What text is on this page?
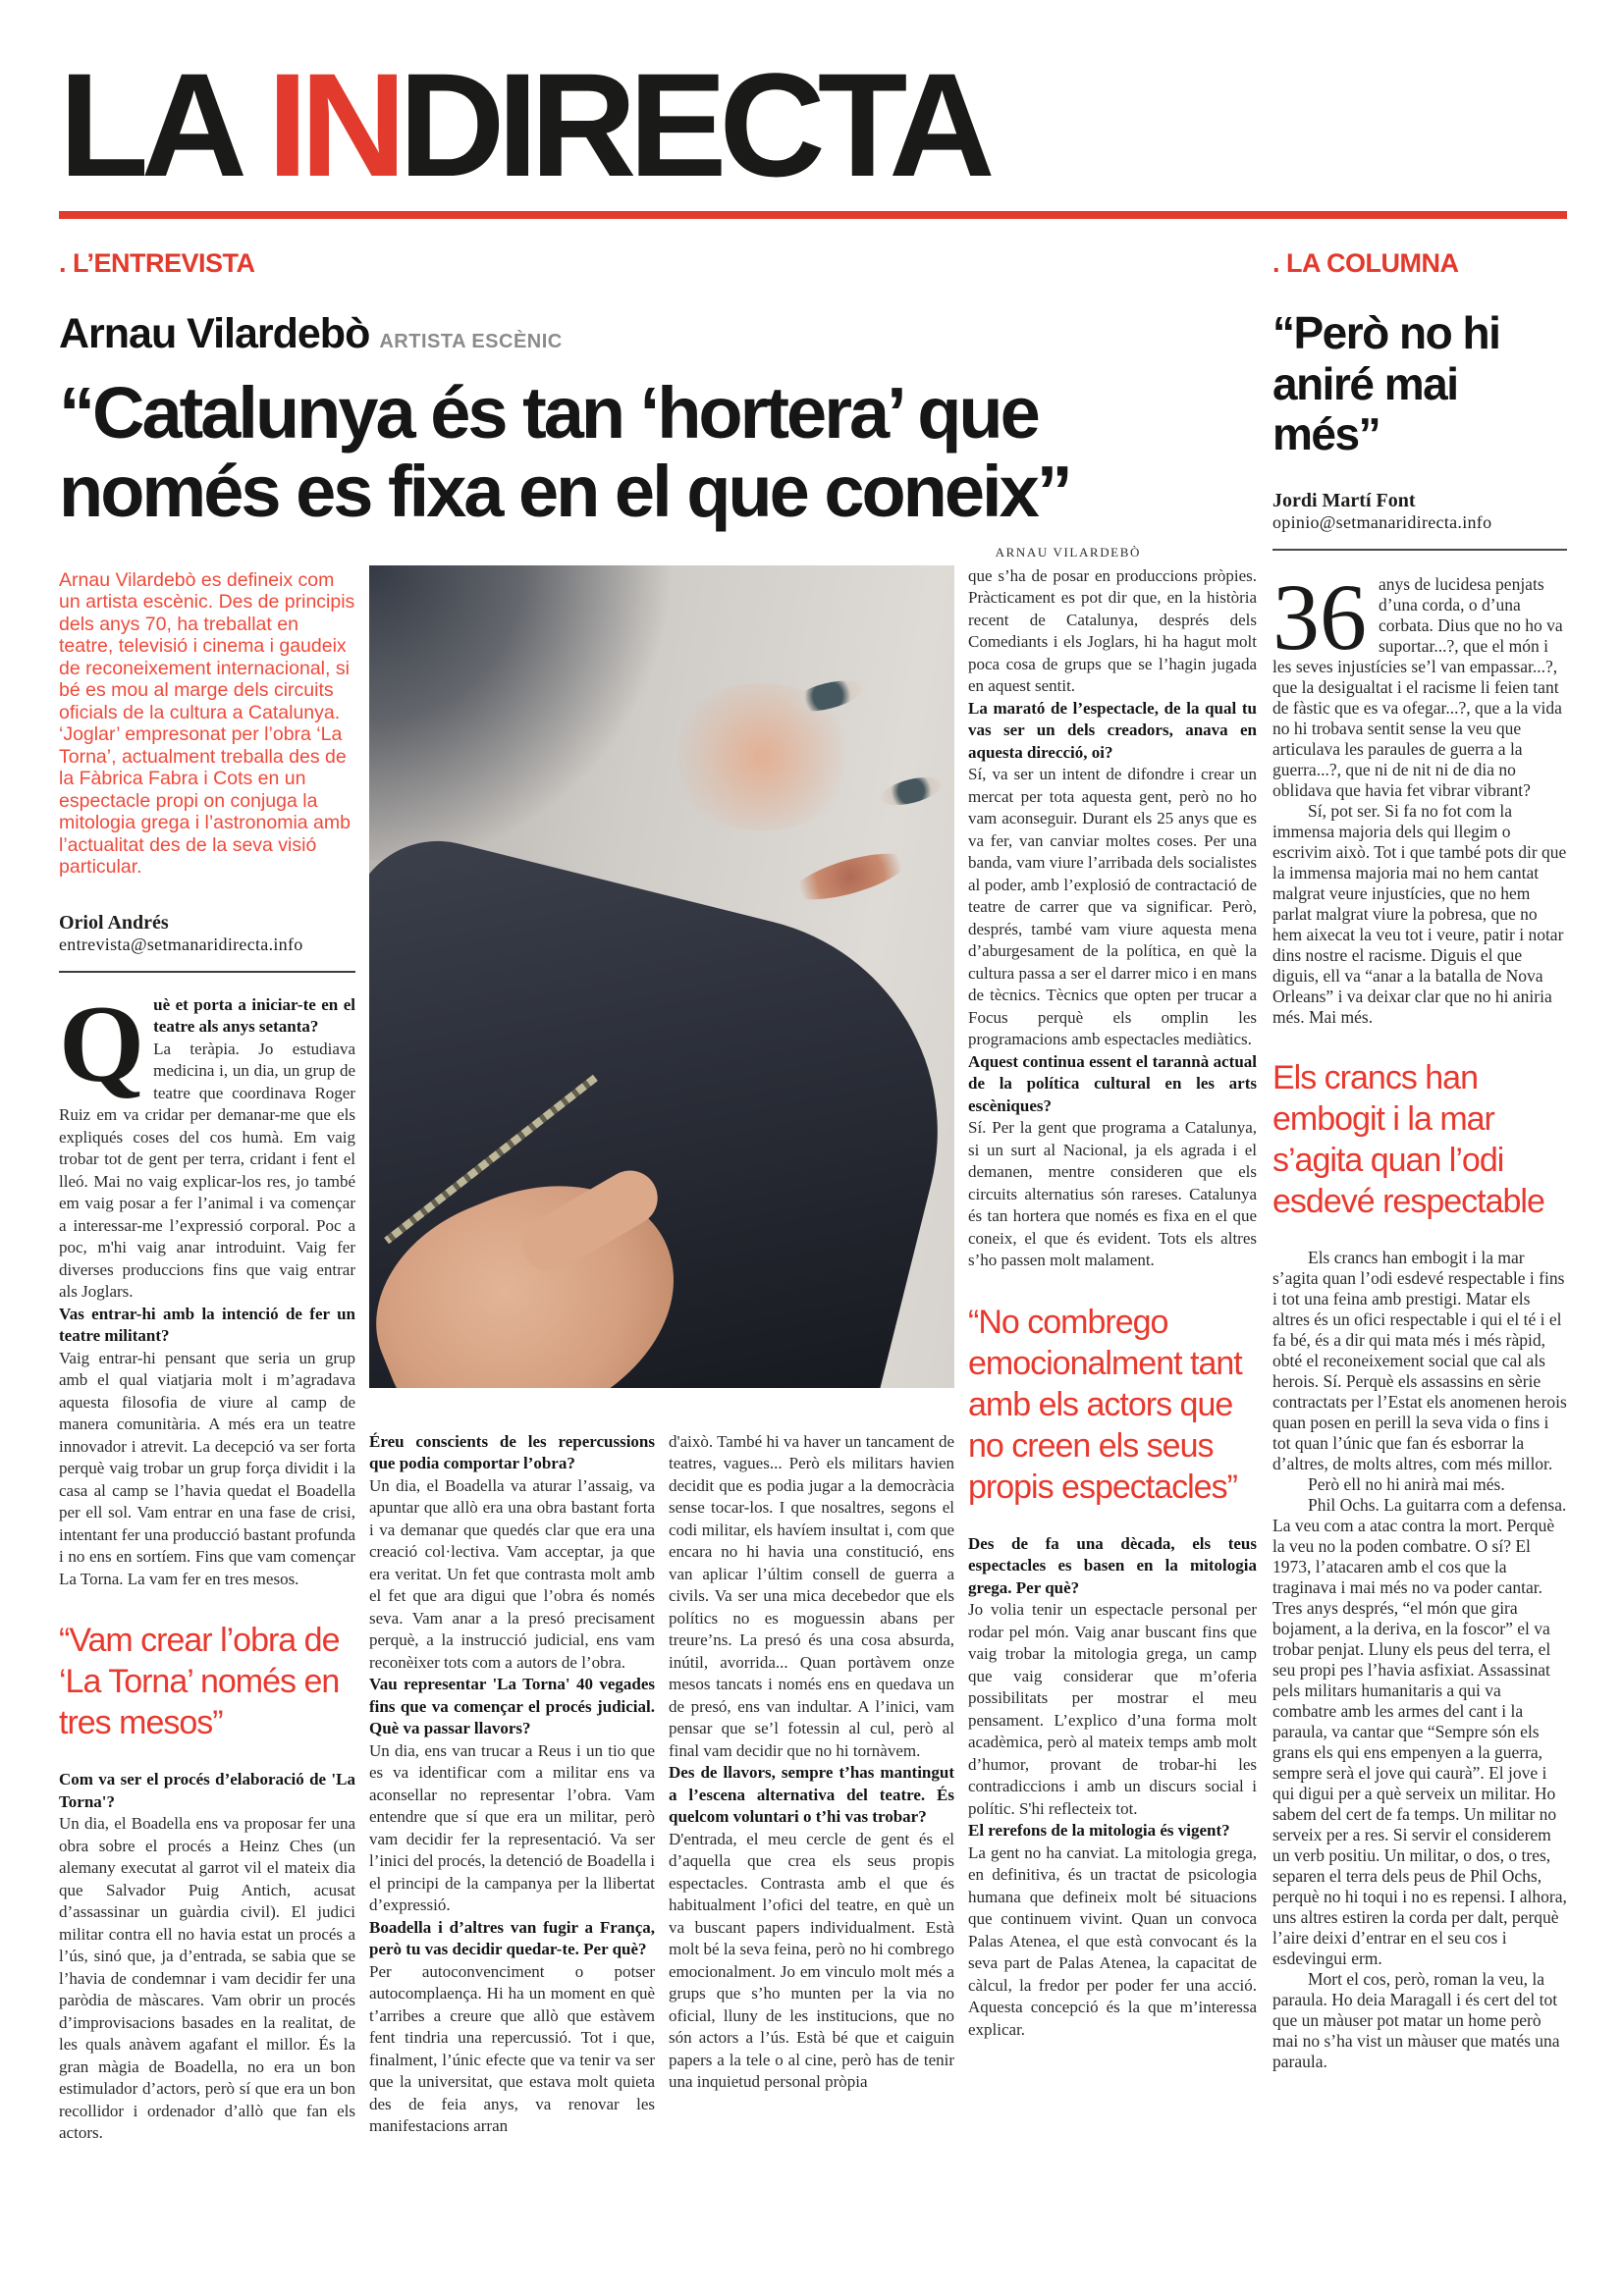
LA INDIRECTA
. L’ENTREVISTA
Arnau Vilardebò ARTISTA ESCÈNIC
“Catalunya és tan ‘hortera’ que només es fixa en el que coneix”
ARNAU VILARDEBÒ

Arnau Vilardebò es defineix com un artista escènic. Des de principis dels anys 70, ha treballat en teatre, televisió i cinema i gaudeix de reconeixement internacional, si bé es mou al marge dels circuits oficials de la cultura a Catalunya. ‘Joglar’ empresonat per l’obra ‘La Torna’, actualment treballa des de la Fàbrica Fabra i Cots en un espectacle propi on conjuga la mitologia grega i l’astronomia amb l’actualitat des de la seva visió particular.

Oriol Andrés
entrevista@setmanaridirecta.info
Què et porta a iniciar-te en el teatre als anys setanta?
La teràpia. Jo estudiava medicina i, un dia, un grup de teatre que coordinava Roger Ruiz em va cridar per demanar-me que els expliqués coses del cos humà. Em vaig trobar tot de gent per terra, cridant i fent el lleó. Mai no vaig explicar-los res, jo també em vaig posar a fer l’animal i va començar a interessar-me l’expressió corporal. Poc a poc, m'hi vaig anar introduint. Vaig fer diverses produccions fins que vaig entrar als Joglars.
Vas entrar-hi amb la intenció de fer un teatre militant?
Vaig entrar-hi pensant que seria un grup amb el qual viatjaria molt i m’agradava aquesta filosofia de viure al camp de manera comunitària. A més era un teatre innovador i atrevit. La decepció va ser forta perquè vaig trobar un grup força dividit i la casa al camp se l’havia quedat el Boadella per ell sol. Vam entrar en una fase de crisi, intentant fer una producció bastant profunda i no ens en sortíem. Fins que vam començar La Torna. La vam fer en tres mesos.
“Vam crear l’obra de ‘La Torna’ només en tres mesos”
Com va ser el procés d’elaboració de 'La Torna'?
Un dia, el Boadella ens va proposar fer una obra sobre el procés a Heinz Ches (un alemany executat al garrot vil el mateix dia que Salvador Puig Antich, acusat d’assassinar un guàrdia civil). El judici militar contra ell no havia estat un procés a l’ús, sinó que, ja d’entrada, se sabia que se l’havia de condemnar i vam decidir fer una paròdia de màscares. Vam obrir un procés d’improvisacions basades en la realitat, de les quals anàvem agafant el millor. És la gran màgia de Boadella, no era un bon estimulador d’actors, però sí que era un bon recollidor i ordenador d’allò que fan els actors.
Éreu conscients de les repercussions que podia comportar l’obra?
Un dia, el Boadella va aturar l’assaig, va apuntar que allò era una obra bastant forta i va demanar que quedés clar que era una creació col·lectiva. Vam acceptar, ja que era veritat. Un fet que contrasta molt amb el fet que ara digui que l’obra és només seva. Vam anar a la presó precisament perquè, a la instrucció judicial, ens vam reconèixer tots com a autors de l’obra.
Vau representar 'La Torna' 40 vegades fins que va començar el procés judicial. Què va passar llavors?
Un dia, ens van trucar a Reus i un tio que es va identificar com a militar ens va aconsellar no representar l’obra. Vam entendre que sí que era un militar, però vam decidir fer la representació. Va ser l’inici del procés, la detenció de Boadella i el principi de la campanya per la llibertat d’expressió.
Boadella i d’altres van fugir a França, però tu vas decidir quedar-te. Per què?
Per autoconvenciment o potser autocomplaença. Hi ha un moment en què t’arribes a creure que allò que estàvem fent tindria una repercussió. Tot i que, finalment, l’únic efecte que va tenir va ser que la universitat, que estava molt quieta des de feia anys, va renovar les manifestacions arran
d'això. També hi va haver un tancament de teatres, vagues... Però els militars havien decidit que es podia jugar a la democràcia sense tocar-los. I que nosaltres, segons el codi militar, els havíem insultat i, com que encara no hi havia una constitució, ens van aplicar l’últim consell de guerra a civils. Va ser una mica decebedor que els polítics no es moguessin abans per treure’ns. La presó és una cosa absurda, inútil, avorrida... Quan portàvem onze mesos tancats i només ens en quedava un de presó, ens van indultar. A l’inici, vam pensar que se’l fotessin al cul, però al final vam decidir que no hi tornàvem.
Des de llavors, sempre t’has mantingut a l’escena alternativa del teatre. És quelcom voluntari o t’hi vas trobar?
D'entrada, el meu cercle de gent és el d’aquella que crea els seus propis espectacles. Contrasta amb el que és habitualment l’ofici del teatre, en què un va buscant papers individualment. Està molt bé la seva feina, però no hi combrego emocionalment. Jo em vinculo molt més a grups que s’ho munten per la via no oficial, lluny de les institucions, que no són actors a l’ús. Està bé que et caiguin papers a la tele o al cine, però has de tenir una inquietud personal pròpia
que s’ha de posar en produccions pròpies. Pràcticament es pot dir que, en la història recent de Catalunya, després dels Comediants i els Joglars, hi ha hagut molt poca cosa de grups que se l’hagin jugada en aquest sentit.
La marató de l’espectacle, de la qual tu vas ser un dels creadors, anava en aquesta direcció, oi?
Sí, va ser un intent de difondre i crear un mercat per tota aquesta gent, però no ho vam aconseguir. Durant els 25 anys que es va fer, van canviar moltes coses. Per una banda, vam viure l’arribada dels socialistes al poder, amb l’explosió de contractació de teatre de carrer que va significar. Però, després, també vam viure aquesta mena d’aburgesament de la política, en què la cultura passa a ser el darrer mico i en mans de tècnics. Tècnics que opten per trucar a Focus perquè els omplin les programacions amb espectacles mediàtics.
Aquest continua essent el tarannà actual de la política cultural en les arts escèniques?
Sí. Per la gent que programa a Catalunya, si un surt al Nacional, ja els agrada i el demanen, mentre consideren que els circuits alternatius són rareses. Catalunya és tan hortera que només es fixa en el que coneix, el que és evident. Tots els altres s’ho passen molt malament.
“No combrego emocionalment tant amb els actors que no creen els seus propis espectacles”
Des de fa una dècada, els teus espectacles es basen en la mitologia grega. Per què?
Jo volia tenir un espectacle personal per rodar pel món. Vaig anar buscant fins que vaig trobar la mitologia grega, un camp que vaig considerar que m’oferia possibilitats per mostrar el meu pensament. L’explico d’una forma molt acadèmica, però al mateix temps amb molt d’humor, provant de trobar-hi les contradiccions i amb un discurs social i polític. S'hi reflecteix tot.
El rerefons de la mitologia és vigent?
La gent no ha canviat. La mitologia grega, en definitiva, és un tractat de psicologia humana que defineix molt bé situacions que continuem vivint. Quan un convoca Palas Atenea, el que està convocant és la seva part de Palas Atenea, la capacitat de càlcul, la fredor per poder fer una acció. Aquesta concepció és la que m’interessa explicar.
. LA COLUMNA
“Però no hi aniré mai més”
Jordi Martí Font
opinio@setmanaridirecta.info
36 anys de lucidesa penjats d’una corda, o d’una corbata. Dius que no ho va suportar...?, que el món i les seves injustícies se’l van empassar...?, que la desigualtat i el racisme li feien tant de fàstic que es va ofegar...?, que a la vida no hi trobava sentit sense la veu que articulava les paraules de guerra a la guerra...?, que ni de nit ni de dia no oblidava que havia fet vibrar vibrant?
Sí, pot ser. Si fa no fot com la immensa majoria dels qui llegim o escrivim això. Tot i que també pots dir que la immensa majoria mai no hem cantat malgrat veure injustícies, que no hem parlat malgrat viure la pobresa, que no hem aixecat la veu tot i veure, patir i notar dins nostre el racisme. Diguis el que diguis, ell va “anar a la batalla de Nova Orleans” i va deixar clar que no hi aniria més. Mai més.
Els crancs han embogit i la mar s’agita quan l’odi esdevé respectable
Els crancs han embogit i la mar s’agita quan l’odi esdevé respectable i fins i tot una feina amb prestigi. Matar els altres és un ofici respectable i qui el té i el fa bé, és a dir qui mata més i més ràpid, obté el reconeixement social que cal als herois. Sí. Perquè els assassins en sèrie contractats per l’Estat els anomenen herois quan posen en perill la seva vida o fins i tot quan l’únic que fan és esborrar la d’altres, de molts altres, com més millor.
Però ell no hi anirà mai més.
Phil Ochs. La guitarra com a defensa. La veu com a atac contra la mort. Perquè la veu no la poden combatre. O sí? El 1973, l’atacaren amb el cos que la traginava i mai més no va poder cantar. Tres anys després, “el món que gira bojament, a la deriva, en la foscor” el va trobar penjat. Lluny els peus del terra, el seu propi pes l’havia asfixiat. Assassinat pels militars humanitaris a qui va combatre amb les armes del cant i la paraula, va cantar que “Sempre són els grans els qui ens empenyen a la guerra, sempre serà el jove qui caurà”. El jove i qui digui per a què serveix un militar. Ho sabem del cert de fa temps. Un militar no serveix per a res. Si servir el considerem un verb positiu. Un militar, o dos, o tres, separen el terra dels peus de Phil Ochs, perquè no hi toqui i no es repensi. I alhora, uns altres estiren la corda per dalt, perquè l’aire deixi d’entrar en el seu cos i esdevingui erm.
Mort el cos, però, roman la veu, la paraula. Ho deia Maragall i és cert del tot que un màuser pot matar un home però mai no s’ha vist un màuser que matés una paraula.
